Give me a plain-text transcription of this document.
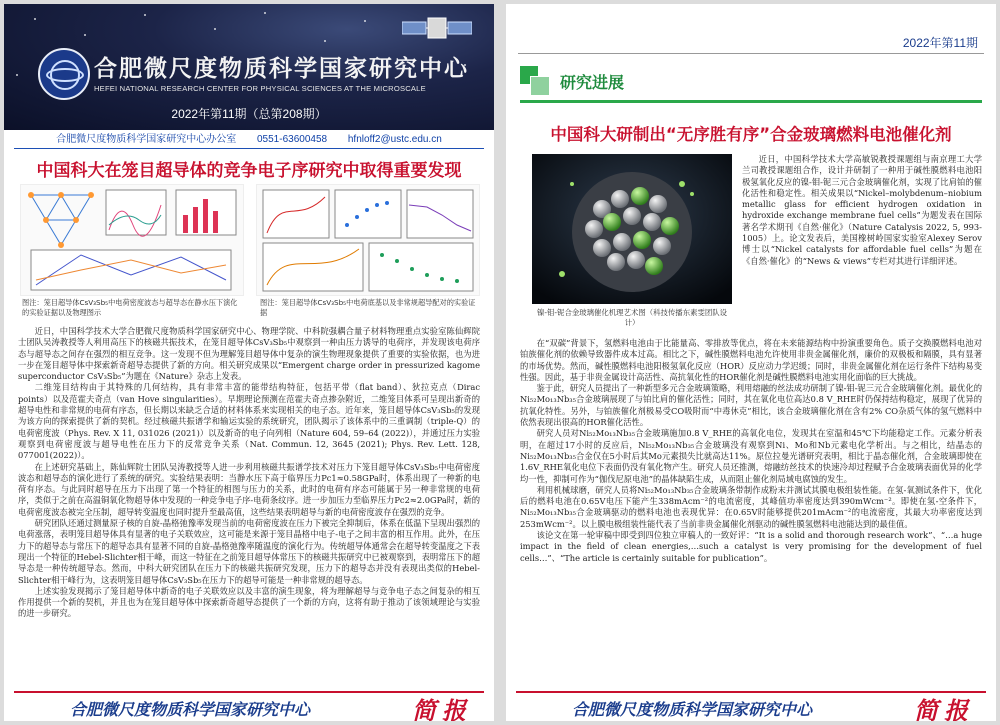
合肥微尺度物质科学国家研究中心
HEFEI NATIONAL RESEARCH CENTER FOR PHYSICAL SCIENCES AT THE MICROSCALE
2022年第11期（总第208期）
合肥微尺度物质科学国家研究中心办公室 0551-63600458 hfnloff2@ustc.edu.cn
中国科大在笼目超导体的竞争电子序研究中取得重要发现
图注：笼目超导体CsV₃Sb₅中电荷密度波态与超导态在静水压下演化的实验证据以及物理图示
图注：笼目超导体CsV₃Sb₅中电荷底基以及非常规超导配对的实验证据

近日，中国科学技术大学合肥微尺度物质科学国家研究中心、物理学院、中科院强耦合量子材料物理重点实验室陈仙辉院士团队吴涛教授等人利用高压下的核磁共振技术，在笼目超导体CsV₃Sb₅中观察到一种由压力诱导的电荷序，并发现该电荷序态与超导态之间存在强烈的相互竞争。这一发现不但为理解笼目超导体中复杂的演生物理现象提供了重要的实验依据，也为进一步在笼目超导体中探索新奇超导态提供了新的方向。相关研究成果以“Emergent charge order in pressurized kagome superconductor CsV₃Sb₅”为题在《Nature》杂志上发表。

二维笼目结构由于其特殊的几何结构，具有非常丰富的能带结构特征，包括平带（flat band）、狄拉克点（Dirac points）以及范霍夫奇点（van Hove singularities）。早期理论预测在范霍夫奇点掺杂附近，二维笼目体系可呈现出新奇的超导电性和非常规的电荷有序态，但长期以来缺乏合适的材料体系来实现相关的电子态。近年来，笼目超导体CsV₃Sb₅的发现为该方向的探索提供了新的契机。经过核磁共振谱学和输运实验的系统研究，团队揭示了该体系中的三重调制（triple-Q）的电荷密度波（Phys. Rev. X 11, 031026 (2021)）以及新奇的电子向列相（Nature 604, 59–64 (2022)），并通过压力实验观察到电荷密度波与超导电性在压力下的反常竞争关系（Nat. Commun. 12, 3645 (2021); Phys. Rev. Lett. 128, 077001(2022)）。

在上述研究基础上，陈仙辉院士团队吴涛教授等人进一步利用核磁共振谱学技术对压力下笼目超导体CsV₃Sb₅中电荷密度波态和超导态的演化进行了系统的研究。实验结果表明：当静水压下高于临界压力Pc1≈0.58GPa时，体系出现了一种新的电荷有序态。与此同时超导在压力下出现了第一个特征的相图与压力的关系，此时的电荷有序态可能属于另一种非常规的电荷序，类似于之前在高温铜氧化物超导体中发现的一种竞争电子序-电荷条纹序。进一步加压力至临界压力Pc2≈2.0GPa时，新的电荷密度波态被完全压制，超导转变温度也同时提升至最高值，这些结果表明超导与新的电荷密度波存在强烈的竞争。

研究团队还通过测量原子核的自旋-晶格弛豫率发现当前的电荷密度波在压力下被完全抑制后，体系在低温下呈现出强烈的电荷涨落，表明笼目超导体具有显著的电子关联效应，这可能是来源于笼目晶格中电子-电子之间丰富的相互作用。此外，在压力下的超导态与常压下的超导态具有显著不同的自旋-晶格弛豫率随温度的演化行为。传统超导体通常会在超导转变温度之下表现出一个特征的Hebel-Slichter相干峰，而这一特征在之前笼目超导体常压下的核磁共振研究中已被观察到，表明常压下的超导态是一种传统超导态。然而，中科大研究团队在压力下的核磁共振研究发现，压力下的超导态并没有表现出类似的Hebel-Slichter相干峰行为，这表明笼目超导体CsV₃Sb₅在压力下的超导可能是一种非常规的超导态。

上述实验发现揭示了笼目超导体中新奇的电子关联效应以及丰富的演生现象，将为理解超导与竞争电子态之间复杂的相互作用提供一个新的契机，并且也为在笼目超导体中探索新奇超导态提供了一个新的方向，这将有助于推动了该领域理论与实验的进一步研究。

合肥微尺度物质科学国家研究中心	简报
2022年第11期
研究进展
中国科大研制出“无序胜有序”合金玻璃燃料电池催化剂
镍-钼-铌合金玻璃催化机理艺术图（科技传播东素雯团队设计）

近日，中国科学技术大学高敏锐教授课题组与南京理工大学兰司教授课题组合作，设计并研制了一种用于碱性膜燃料电池阳极氢氧化反应的镍-钼-铌三元合金玻璃催化剂，实现了比肩铂的催化活性和稳定性。相关成果以“Nickel–molybdenum–niobium metallic glass for efficient hydrogen oxidation in hydroxide exchange membrane fuel cells”为题发表在国际著名学术期刊《自然·催化》（Nature Catalysis 2022, 5, 993-1005）上。论文发表后，美国橡树岭国家实验室Alexey Serov博士以“Nickel catalysts for affordable fuel cells”为题在《自然·催化》的“News & views”专栏对其进行详细评述。

在“双碳”背景下，氢燃料电池由于比能量高、零排放等优点，将在未来能源结构中扮演重要角色。质子交换膜燃料电池对铂族催化剂的依赖导致器件成本过高。相比之下，碱性膜燃料电池允许使用非贵金属催化剂，廉价的双极板和隔膜，具有显著的市场优势。然而，碱性膜燃料电池阳极氢氧化反应（HOR）反应动力学迟缓；同时，非贵金属催化剂在运行条件下结构易变性强。因此，基于非贵金属设计高活性、高抗氧化性的HOR催化剂是碱性膜燃料电池实用化面临的巨大挑战。

鉴于此，研究人员提出了一种新型多元合金玻璃策略，利用熔融的丝法成功研制了镍-钼-铌三元合金玻璃催化剂。最优化的Ni₅₂Mo₁₃Nb₃₅合金玻璃展现了与铂比肩的催化活性；同时，其在氧化电位高达0.8 V_RHE时仍保持结构稳定，展现了优异的抗氧化特性。另外，与铂族催化剂极易受CO吸附而“中毒休克”相比，该合金玻璃催化剂在含有2% CO杂质气体的氢气燃料中依然表现出很高的HOR催化活性。

研究人员对Ni₅₂Mo₁₃Nb₃₅合金玻璃施加0.8 V_RHE的高氧化电位，发现其在室温和45℃下均能稳定工作。元素分析表明，在超过17小时的反应后，Ni₅₂Mo₁₃Nb₃₅合金玻璃没有观察到Ni、Mo和Nb元素电化学析出。与之相比，结晶态的Ni₅₂Mo₁₃Nb₃₅合金仅在5小时后其Mo元素损失比就高达11%。原位拉曼光谱研究表明，相比于晶态催化剂，合金玻璃即使在1.6V_RHE氧化电位下表面仍没有氧化物产生。研究人员还推测，熔融纺丝技术的快速冷却过程赋予合金玻璃表面优异的化学均一性，抑制可作为“伽伐尼原电池”的晶体缺陷生成，从而阻止催化剂局域电腐蚀的发生。

利用机械球磨，研究人员将Ni₅₂Mo₁₃Nb₃₅合金玻璃条带制作成粉末并测试其膜电极组装性能。在氢-氧测试条件下，优化后的燃料电池在0.65V电压下能产生338mAcm⁻²的电流密度，其峰值功率密度达到390mWcm⁻²。即使在氢-空条件下，Ni₅₂Mo₁₃Nb₃₅合金玻璃驱动的燃料电池也表现优异：在0.65V时能够提供201mAcm⁻²的电流密度，其最大功率密度达到253mWcm⁻²。以上膜电极组装性能代表了当前非贵金属催化剂驱动的碱性膜氢燃料电池能达到的最佳值。

该论文在第一轮审稿中即受到四位独立审稿人的一致好评：“It is a solid and thorough research work”、“…a huge impact in the field of clean energies,…such a catalyst is very promising for the development of fuel cells…”、“The article is certainly suitable for publication”。

合肥微尺度物质科学国家研究中心	简报
